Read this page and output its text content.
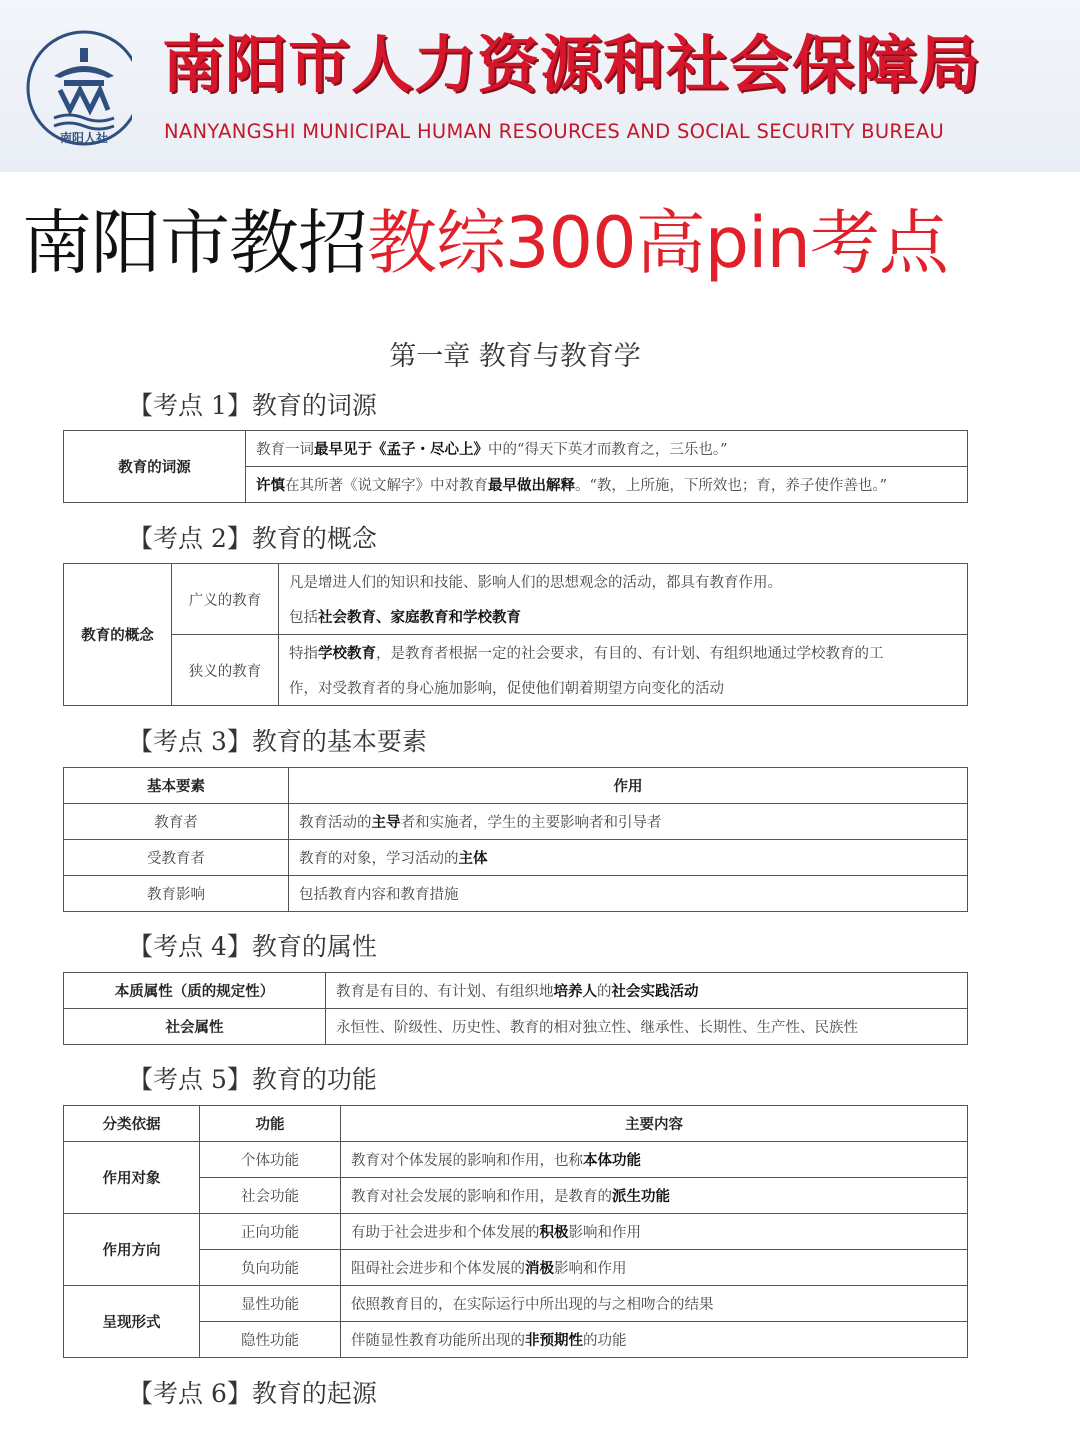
南阳人社
南阳市人力资源和社会保障局
NANYANGSHI MUNICIPAL HUMAN RESOURCES AND SOCIAL SECURITY BUREAU
南阳市教招教综300高pin考点
第一章 教育与教育学
【考点 1】教育的词源
教育的词源	教育一词最早见于《孟子・尽心上》中的“得天下英才而教育之，三乐也。”
许慎在其所著《说文解字》中对教育最早做出解释。“教，上所施，下所效也；育，养子使作善也。”
【考点 2】教育的概念
教育的概念	广义的教育	凡是增进人们的知识和技能、影响人们的思想观念的活动，都具有教育作用。
		包括社会教育、家庭教育和学校教育
	狭义的教育	特指学校教育，是教育者根据一定的社会要求，有目的、有计划、有组织地通过学校教育的工
		作，对受教育者的身心施加影响，促使他们朝着期望方向变化的活动
【考点 3】教育的基本要素
基本要素	作用
教育者	教育活动的主导者和实施者，学生的主要影响者和引导者
受教育者	教育的对象，学习活动的主体
教育影响	包括教育内容和教育措施
【考点 4】教育的属性
本质属性（质的规定性）	教育是有目的、有计划、有组织地培养人的社会实践活动
社会属性	永恒性、阶级性、历史性、教育的相对独立性、继承性、长期性、生产性、民族性
【考点 5】教育的功能
分类依据	功能	主要内容
作用对象	个体功能	教育对个体发展的影响和作用，也称本体功能
	社会功能	教育对社会发展的影响和作用，是教育的派生功能
作用方向	正向功能	有助于社会进步和个体发展的积极影响和作用
	负向功能	阻碍社会进步和个体发展的消极影响和作用
呈现形式	显性功能	依照教育目的，在实际运行中所出现的与之相吻合的结果
	隐性功能	伴随显性教育功能所出现的非预期性的功能
【考点 6】教育的起源
